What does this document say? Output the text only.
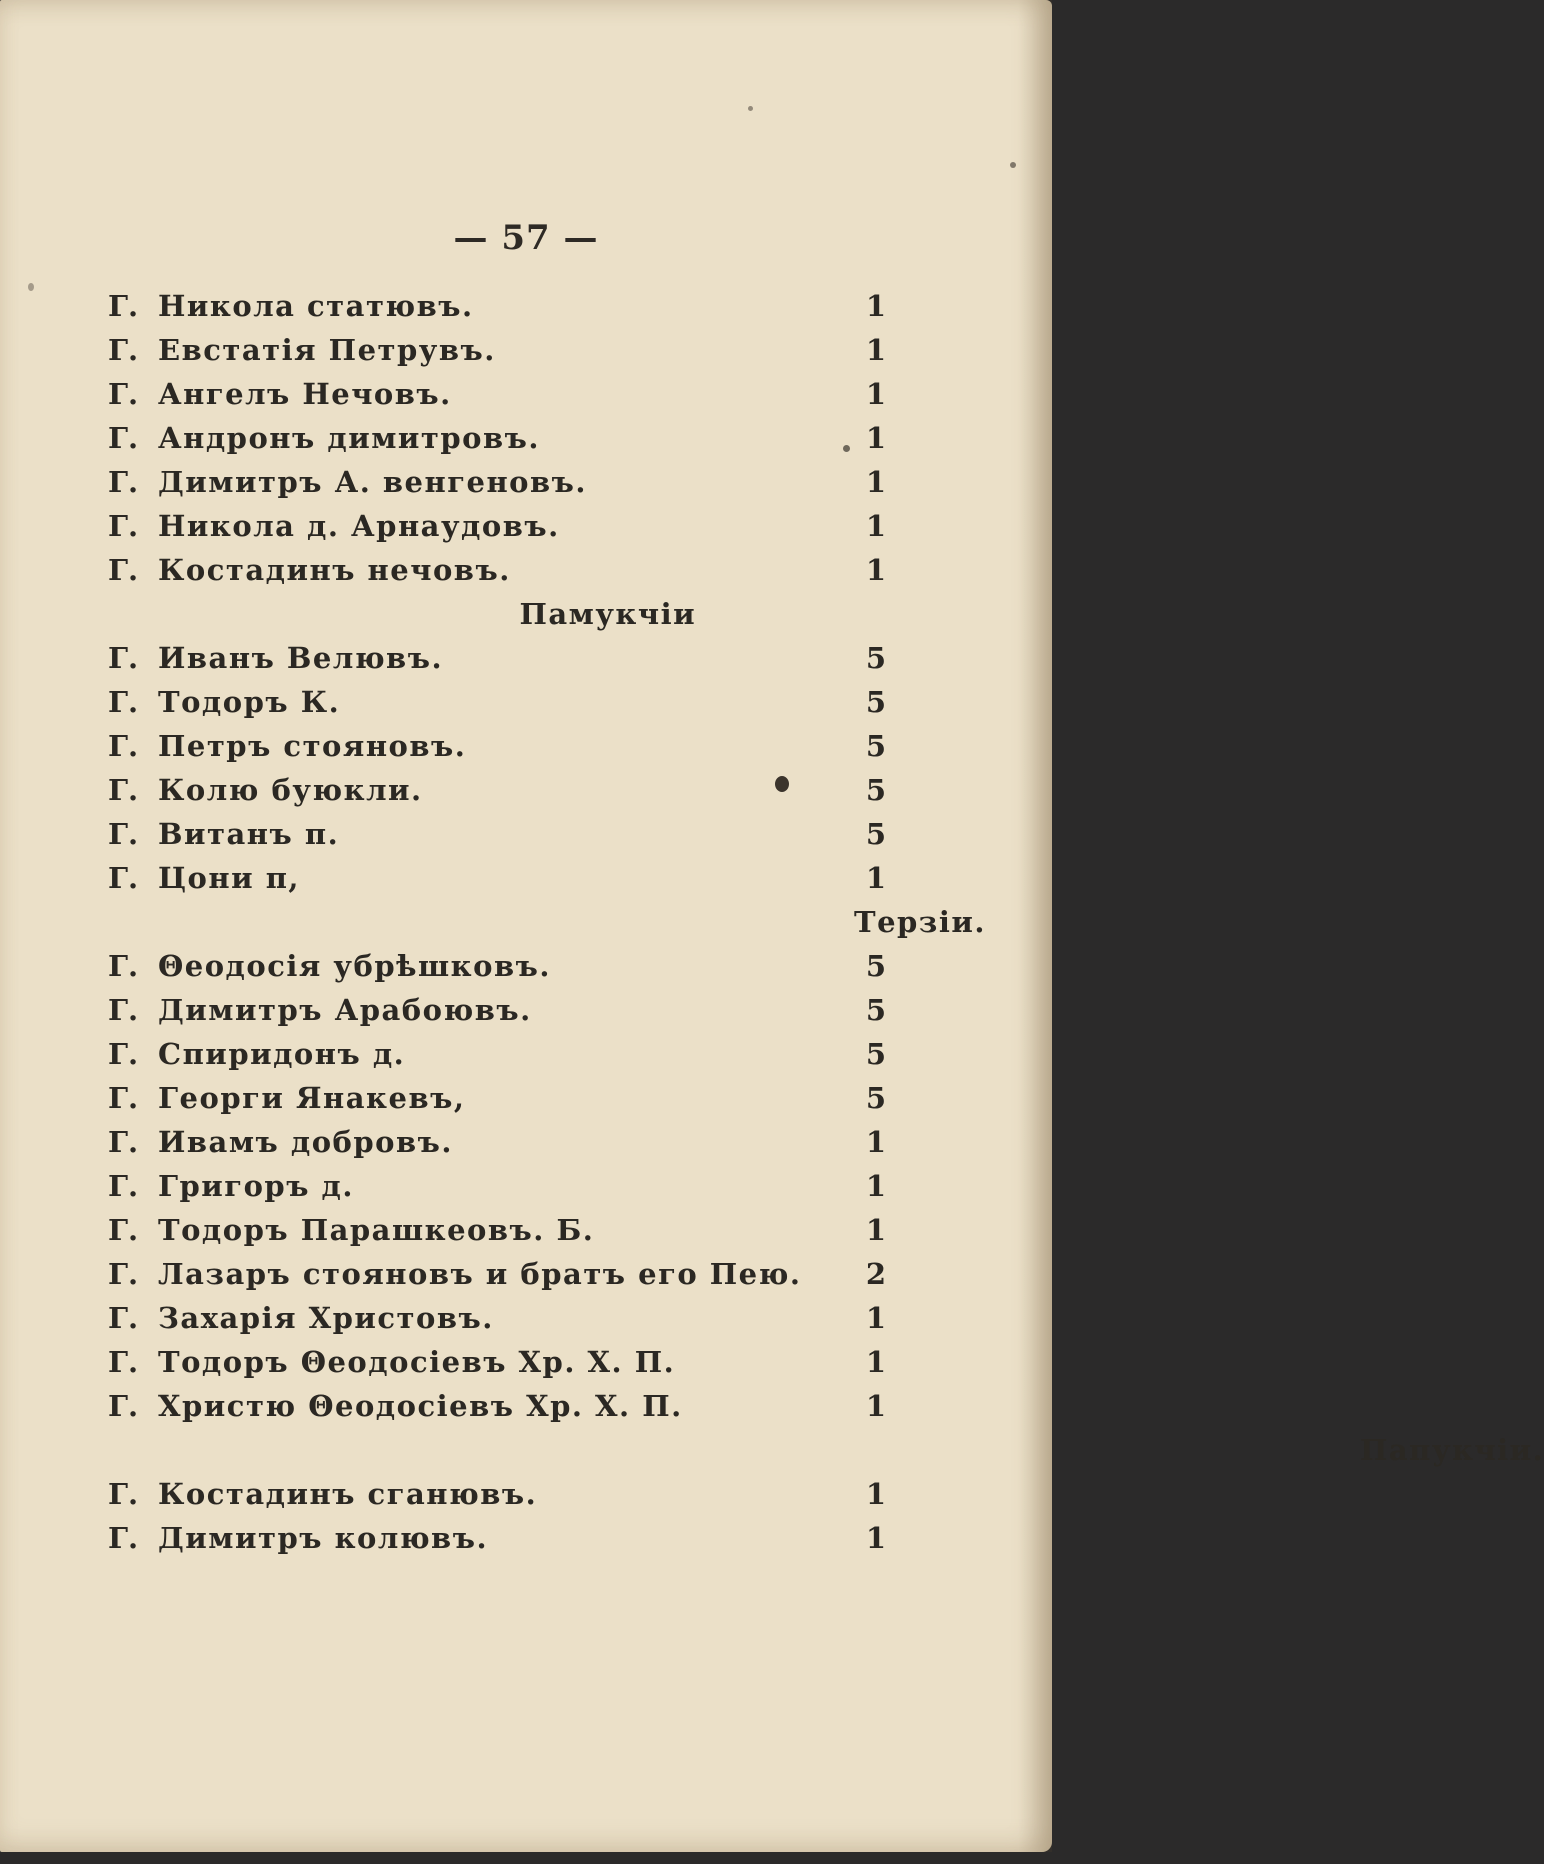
— 57 —
Г. Никола статювъ.	1
Г. Евстатія Петрувъ.	1
Г. Ангелъ Нечовъ.	1
Г. Андронъ димитровъ.	1
Г. Димитръ А. венгеновъ.	1
Г. Никола д. Арнаудовъ.	1
Г. Костадинъ нечовъ.	1
Памукчіи
Г. Иванъ Велювъ.	5
Г. Тодоръ К.	5
Г. Петръ стояновъ.	5
Г. Колю буюкли.	5
Г. Витанъ п.	5
Г. Цони п,	1
Терзіи.
Г. Θеодосія убрѣшковъ.	5
Г. Димитръ Арабоювъ.	5
Г. Спиридонъ д.	5
Г. Георги Янакевъ,	5
Г. Ивамъ добровъ.	1
Г. Григоръ д.	1
Г. Тодоръ Парашкеовъ. Б.	1
Г. Лазаръ стояновъ и братъ его Пею.	2
Г. Захарія Христовъ.	1
Г. Тодоръ Θеодосіевъ Хр. Х. П.	1
Г. Христю Θеодосіевъ Хр. Х. П.	1
Папукчіи.
Г. Костадинъ сганювъ.	1
Г. Димитръ колювъ.	1
